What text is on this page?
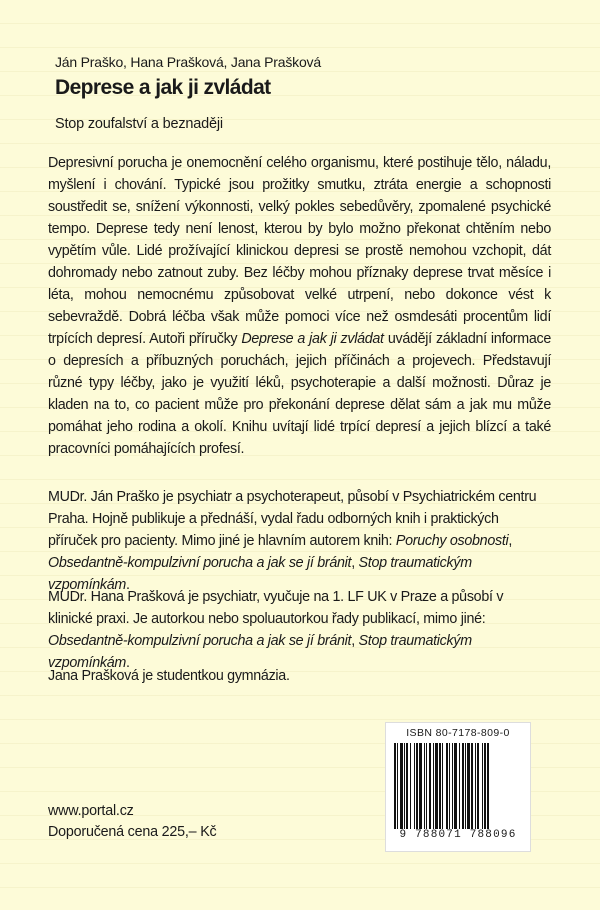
Ján Praško, Hana Prašková, Jana Prašková
Deprese a jak ji zvládat
Stop zoufalství a beznaději

Depresivní porucha je onemocnění celého organismu, které postihuje tělo, náladu, myšlení i chování. Typické jsou prožitky smutku, ztráta energie a schopnosti soustředit se, snížení výkonnosti, velký pokles sebedůvěry, zpomalené psychické tempo. Deprese tedy není lenost, kterou by bylo možno překonat chtěním nebo vypětím vůle. Lidé prožívající klinickou depresi se prostě nemohou vzchopit, dát dohromady nebo zatnout zuby. Bez léčby mohou příznaky deprese trvat měsíce i léta, mohou nemocnému způsobovat velké utrpení, nebo dokonce vést k sebevraždě. Dobrá léčba však může pomoci více než osmdesáti procentům lidí trpících depresí. Autoři příručky Deprese a jak ji zvládat uvádějí základní informace o depresích a příbuzných poruchách, jejich příčinách a projevech. Představují různé typy léčby, jako je využití léků, psychoterapie a další možnosti. Důraz je kladen na to, co pacient může pro překonání deprese dělat sám a jak mu může pomáhat jeho rodina a okolí. Knihu uvítají lidé trpící depresí a jejich blízcí a také pracovníci pomáhajících profesí.

MUDr. Ján Praško je psychiatr a psychoterapeut, působí v Psychiatrickém centru Praha. Hojně publikuje a přednáší, vydal řadu odborných knih i praktických příruček pro pacienty. Mimo jiné je hlavním autorem knih: Poruchy osobnosti, Obsedantně-kompulzivní porucha a jak se jí bránit, Stop traumatickým vzpomínkám.

MUDr. Hana Prašková je psychiatr, vyučuje na 1. LF UK v Praze a působí v klinické praxi. Je autorkou nebo spoluautorkou řady publikací, mimo jiné: Obsedantně-kompulzivní porucha a jak se jí bránit, Stop traumatickým vzpomínkám.

Jana Prašková je studentkou gymnázia.

www.portal.cz
Doporučená cena 225,– Kč
ISBN 80-7178-809-0
9 788071 788096
